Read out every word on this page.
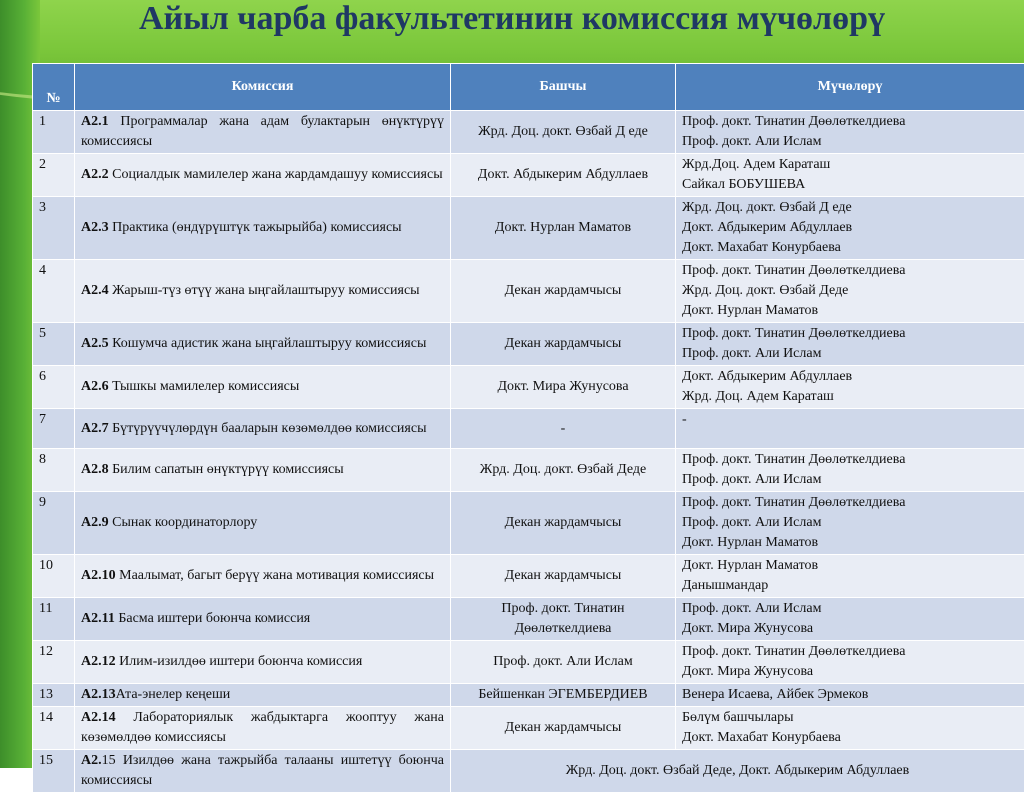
Айыл чарба факультетинин комиссия мүчөлөрү
№	Комиссия	Башчы	Мүчөлөрү
1	А2.1 Программалар жана адам булактарын өнүктүрүү комиссиясы	Жрд. Доц. докт. Өзбай Д еде	Проф. докт. Тинатин Дөөлөткелдиева
Проф. докт. Али Ислам

2	А2.2 Социалдык мамилелер жана жардамдашуу комиссиясы	Докт. Абдыкерим Абдуллаев	Жрд.Доц. Адем Караташ
Сайкал БОБУШЕВА

3	А2.3 Практика (өндүрүштүк тажырыйба) комиссиясы	Докт. Нурлан Маматов	Жрд. Доц. докт. Өзбай Д еде
Докт. Абдыкерим Абдуллаев
Докт. Махабат Конурбаева

4	А2.4 Жарыш-түз өтүү жана ыңгайлаштыруу комиссиясы	Декан жардамчысы	Проф. докт. Тинатин Дөөлөткелдиева
Жрд. Доц. докт. Өзбай Деде
Докт. Нурлан Маматов

5	А2.5 Кошумча адистик жана ыңгайлаштыруу комиссиясы	Декан жардамчысы	Проф. докт. Тинатин Дөөлөткелдиева
Проф. докт. Али Ислам

6	А2.6 Тышкы мамилелер комиссиясы	Докт. Мира Жунусова	Докт. Абдыкерим Абдуллаев
Жрд. Доц. Адем Караташ

7	А2.7 Бүтүрүүчүлөрдүн бааларын көзөмөлдөө комиссиясы	-	-

8	А2.8 Билим сапатын өнүктүрүү комиссиясы	Жрд. Доц. докт. Өзбай Деде	Проф. докт. Тинатин Дөөлөткелдиева
Проф. докт. Али Ислам

9	А2.9 Сынак координаторлору	Декан жардамчысы	Проф. докт. Тинатин Дөөлөткелдиева
Проф. докт. Али Ислам
Докт. Нурлан Маматов

10	А2.10 Маалымат, багыт берүү жана мотивация комиссиясы	Декан жардамчысы	Докт. Нурлан Маматов
Данышмандар

11	А2.11 Басма иштери боюнча комиссия	Проф. докт. Тинатин Дөөлөткелдиева	Проф. докт. Али Ислам
Докт. Мира Жунусова

12	А2.12 Илим-изилдөө иштери боюнча комиссия	Проф. докт. Али Ислам	Проф. докт. Тинатин Дөөлөткелдиева
Докт. Мира Жунусова

13	А2.13Ата-энелер кеңеши	Бейшенкан ЭГЕМБЕРДИЕВ	Венера Исаева, Айбек Эрмеков

14	А2.14 Лабораториялык жабдыктарга жооптуу жана көзөмөлдөө комиссиясы	Декан жардамчысы	Бөлүм башчылары
Докт. Махабат Конурбаева

15	А2.15 Изилдөө жана тажрыйба талааны иштетүү боюнча комиссиясы	Жрд. Доц. докт. Өзбай Деде, Докт. Абдыкерим Абдуллаев	
